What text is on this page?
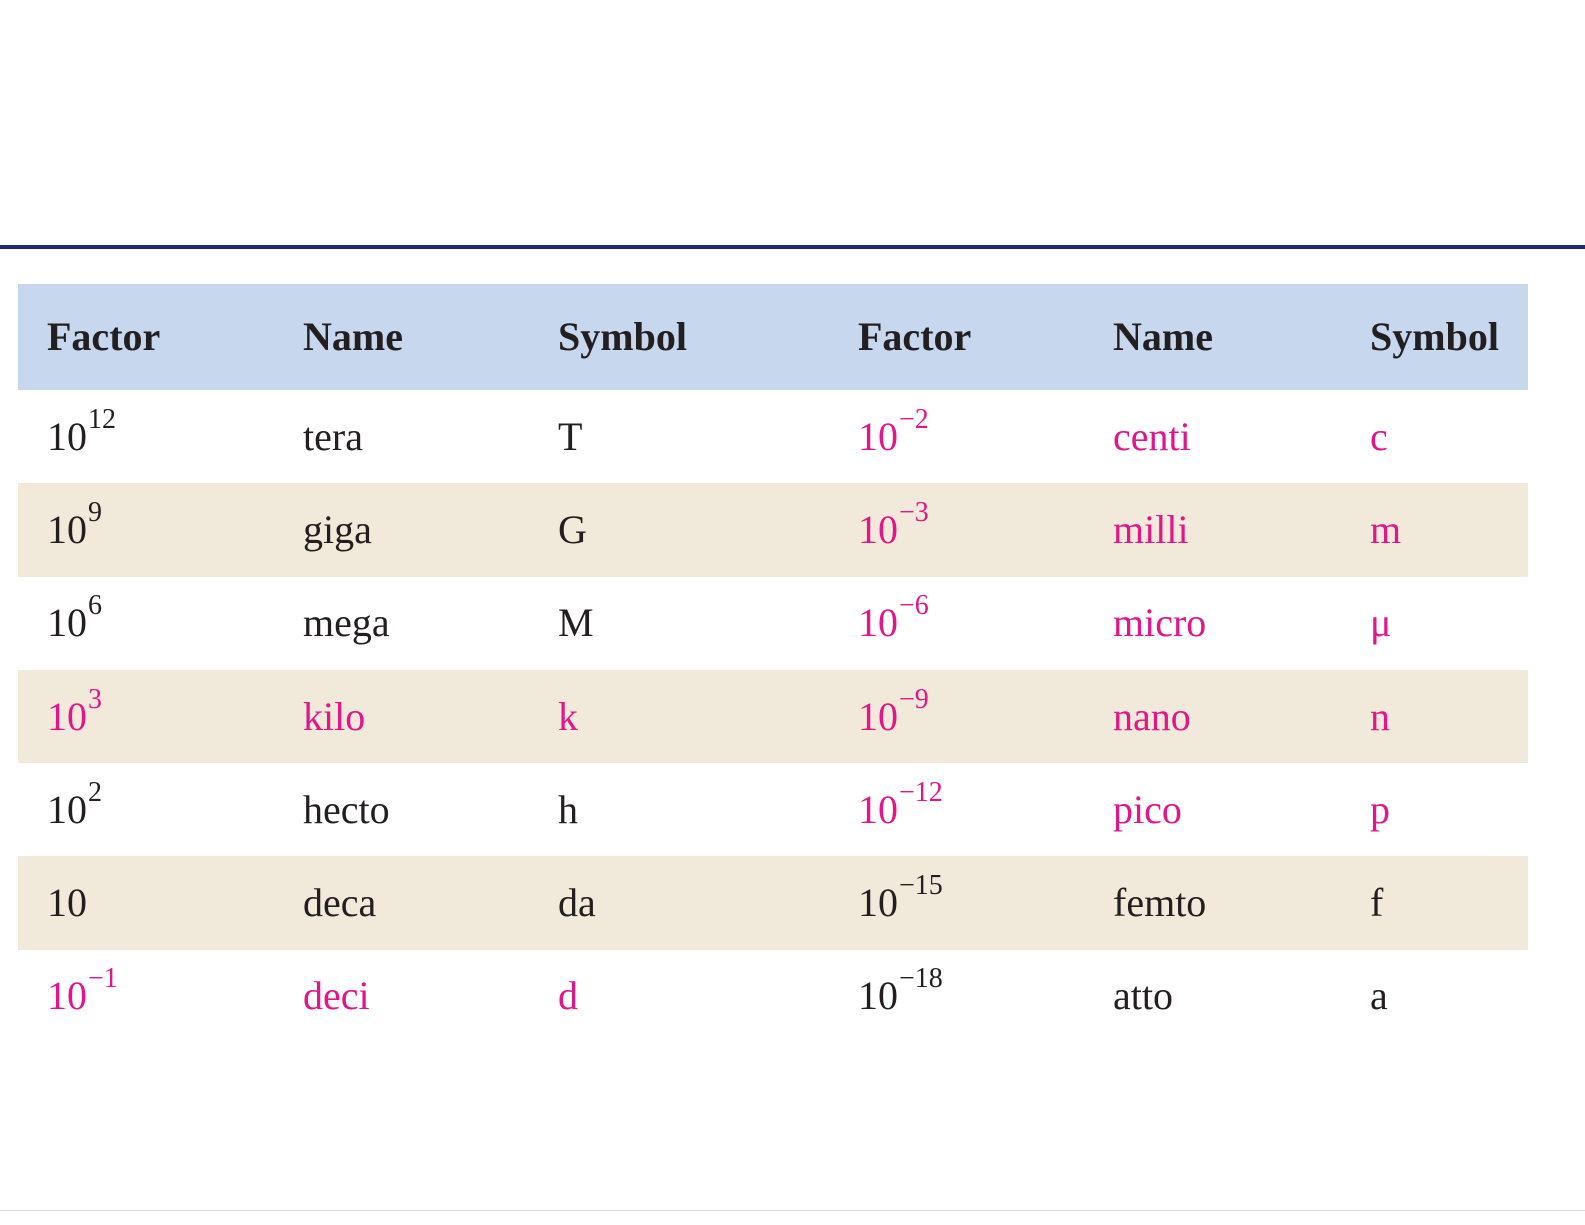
Factor	Name	Symbol	Factor	Name	Symbol
10 12	tera	T	10 −2	centi	c
10 9	giga	G	10 −3	milli	m
10 6	mega	M	10 −6	micro	μ
10 3	kilo	k	10 −9	nano	n
10 2	hecto	h	10 −12	pico	p
10	deca	da	10 −15	femto	f
10 −1	deci	d	10 −18	atto	a
